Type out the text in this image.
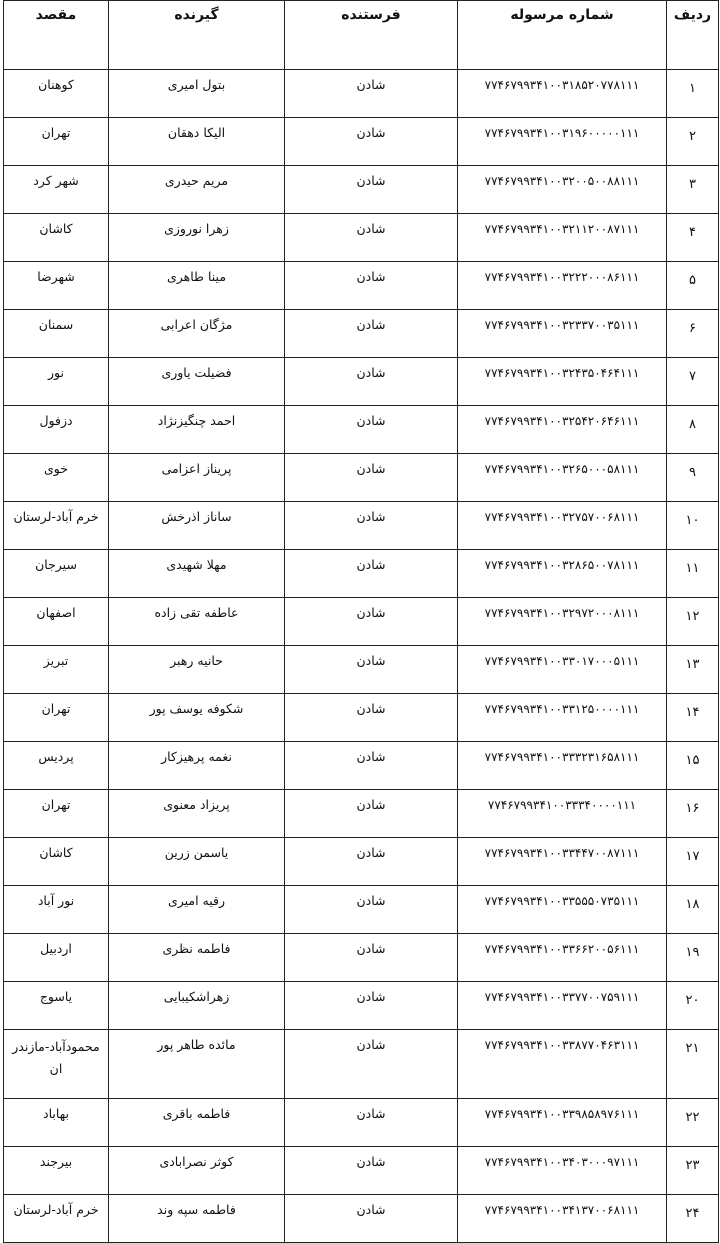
ردیف	شماره مرسوله	فرستنده	گیرنده	مقصد
۱	۷۷۴۶۷۹۹۳۴۱۰۰۳۱۸۵۲۰۷۷۸۱۱۱	شادن	بتول امیری	کوهنان
۲	۷۷۴۶۷۹۹۳۴۱۰۰۳۱۹۶۰۰۰۰۰۱۱۱	شادن	الیکا دهقان	تهران
۳	۷۷۴۶۷۹۹۳۴۱۰۰۳۲۰۰۵۰۰۸۸۱۱۱	شادن	مریم حیدری	شهر کرد
۴	۷۷۴۶۷۹۹۳۴۱۰۰۳۲۱۱۲۰۰۸۷۱۱۱	شادن	زهرا نوروزی	کاشان
۵	۷۷۴۶۷۹۹۳۴۱۰۰۳۲۲۲۰۰۰۸۶۱۱۱	شادن	مینا طاهری	شهرضا
۶	۷۷۴۶۷۹۹۳۴۱۰۰۳۲۳۳۷۰۰۳۵۱۱۱	شادن	مژگان اعرابی	سمنان
۷	۷۷۴۶۷۹۹۳۴۱۰۰۳۲۴۳۵۰۴۶۴۱۱۱	شادن	فضیلت یاوری	نور
۸	۷۷۴۶۷۹۹۳۴۱۰۰۳۲۵۴۲۰۶۴۶۱۱۱	شادن	احمد چنگیزنژاد	دزفول
۹	۷۷۴۶۷۹۹۳۴۱۰۰۳۲۶۵۰۰۰۵۸۱۱۱	شادن	پریناز اعزامی	خوی
۱۰	۷۷۴۶۷۹۹۳۴۱۰۰۳۲۷۵۷۰۰۶۸۱۱۱	شادن	ساناز اذرخش	خرم آباد-لرستان
۱۱	۷۷۴۶۷۹۹۳۴۱۰۰۳۲۸۶۵۰۰۷۸۱۱۱	شادن	مهلا شهیدی	سیرجان
۱۲	۷۷۴۶۷۹۹۳۴۱۰۰۳۲۹۷۲۰۰۰۸۱۱۱	شادن	عاطفه تقی زاده	اصفهان
۱۳	۷۷۴۶۷۹۹۳۴۱۰۰۳۳۰۱۷۰۰۰۵۱۱۱	شادن	حانیه رهبر	تبریز
۱۴	۷۷۴۶۷۹۹۳۴۱۰۰۳۳۱۲۵۰۰۰۰۱۱۱	شادن	شکوفه یوسف پور	تهران
۱۵	۷۷۴۶۷۹۹۳۴۱۰۰۳۳۳۲۳۱۶۵۸۱۱۱	شادن	نغمه پرهیزکار	پردیس
۱۶	۷۷۴۶۷۹۹۳۴۱۰۰۳۳۳۴۰۰۰۰۱۱۱	شادن	پریزاد معنوی	تهران
۱۷	۷۷۴۶۷۹۹۳۴۱۰۰۳۳۴۴۷۰۰۸۷۱۱۱	شادن	یاسمن زرین	کاشان
۱۸	۷۷۴۶۷۹۹۳۴۱۰۰۳۳۵۵۵۰۷۳۵۱۱۱	شادن	رقیه امیری	نور آباد
۱۹	۷۷۴۶۷۹۹۳۴۱۰۰۳۳۶۶۲۰۰۵۶۱۱۱	شادن	فاطمه نظری	اردبیل
۲۰	۷۷۴۶۷۹۹۳۴۱۰۰۳۳۷۷۰۰۷۵۹۱۱۱	شادن	زهراشکیبایی	یاسوج
۲۱	۷۷۴۶۷۹۹۳۴۱۰۰۳۳۸۷۷۰۴۶۳۱۱۱	شادن	مائده طاهر پور	محمودآباد-مازندر ان
۲۲	۷۷۴۶۷۹۹۳۴۱۰۰۳۳۹۸۵۸۹۷۶۱۱۱	شادن	فاطمه باقری	بهاباد
۲۳	۷۷۴۶۷۹۹۳۴۱۰۰۳۴۰۳۰۰۰۹۷۱۱۱	شادن	کوثر نصرابادی	بیرجند
۲۴	۷۷۴۶۷۹۹۳۴۱۰۰۳۴۱۳۷۰۰۶۸۱۱۱	شادن	فاطمه سپه وند	خرم آباد-لرستان
